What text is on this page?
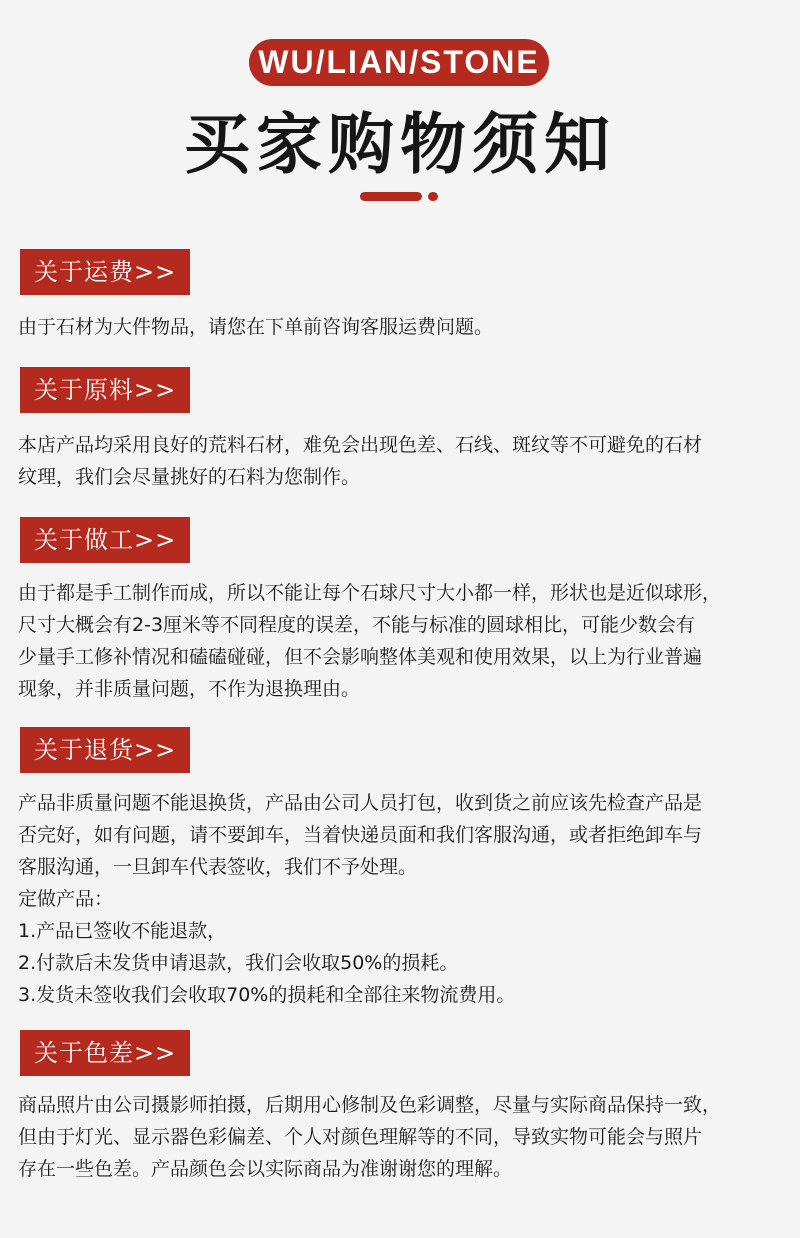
WU/LIAN/STONE
买家购物须知
关于运费>>
由于石材为大件物品，请您在下单前咨询客服运费问题。
关于原料>>
本店产品均采用良好的荒料石材，难免会出现色差、石线、斑纹等不可避免的石材
纹理，我们会尽量挑好的石料为您制作。
关于做工>>
由于都是手工制作而成，所以不能让每个石球尺寸大小都一样，形状也是近似球形，
尺寸大概会有2-3厘米等不同程度的误差，不能与标准的圆球相比，可能少数会有
少量手工修补情况和磕磕碰碰，但不会影响整体美观和使用效果，以上为行业普遍
现象，并非质量问题，不作为退换理由。
关于退货>>
产品非质量问题不能退换货，产品由公司人员打包，收到货之前应该先检查产品是
否完好，如有问题，请不要卸车，当着快递员面和我们客服沟通，或者拒绝卸车与
客服沟通，一旦卸车代表签收，我们不予处理。
定做产品：
1.产品已签收不能退款，
2.付款后未发货申请退款，我们会收取50%的损耗。
3.发货未签收我们会收取70%的损耗和全部往来物流费用。
关于色差>>
商品照片由公司摄影师拍摄，后期用心修制及色彩调整，尽量与实际商品保持一致，
但由于灯光、显示器色彩偏差、个人对颜色理解等的不同，导致实物可能会与照片
存在一些色差。产品颜色会以实际商品为准谢谢您的理解。
